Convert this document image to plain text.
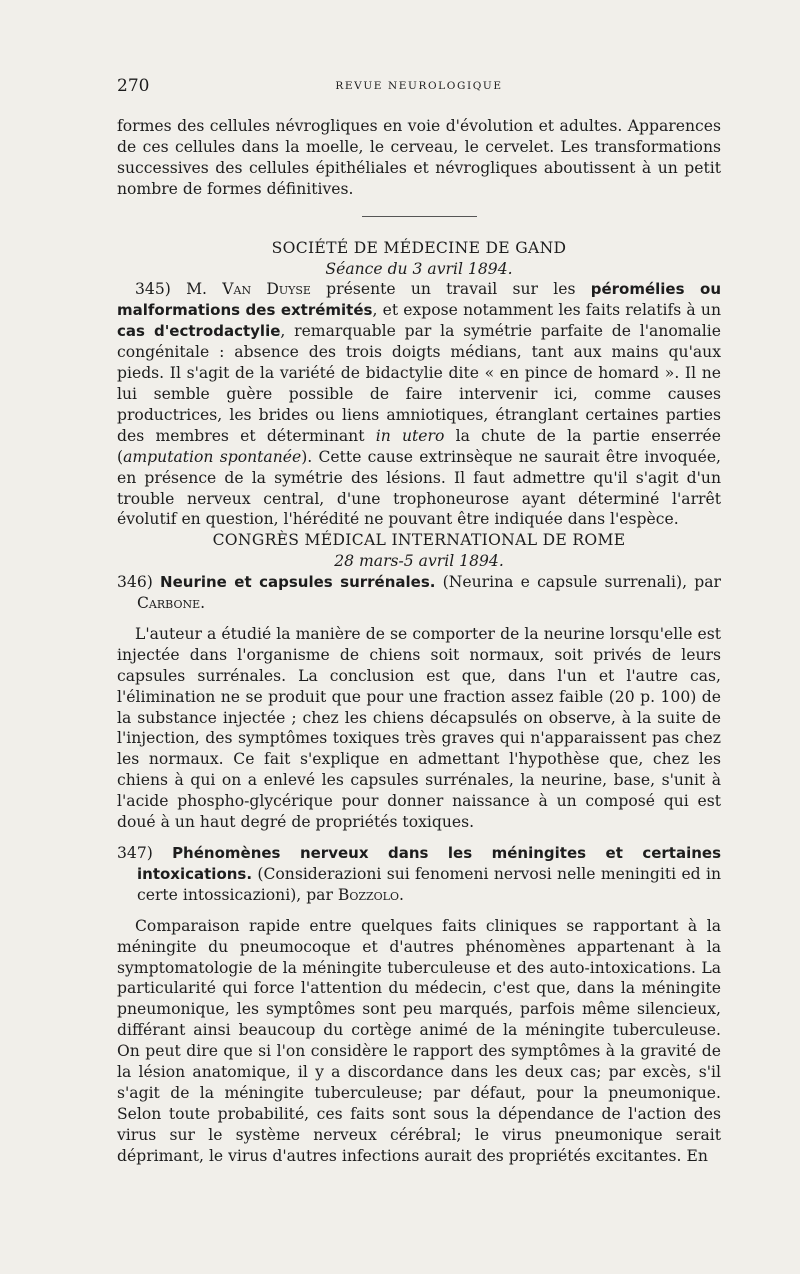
270	REVUE NEUROLOGIQUE

formes des cellules névrogliques en voie d'évolution et adultes. Apparences de ces cellules dans la moelle, le cerveau, le cervelet. Les transformations successives des cellules épithéliales et névrogliques aboutissent à un petit nombre de formes définitives.

SOCIÉTÉ DE MÉDECINE DE GAND

Séance du 3 avril 1894.

345) M. Van Duyse présente un travail sur les péromélies ou malformations des extrémités, et expose notamment les faits relatifs à un cas d'ectrodactylie, remarquable par la symétrie parfaite de l'anomalie congénitale : absence des trois doigts médians, tant aux mains qu'aux pieds. Il s'agit de la variété de bidactylie dite « en pince de homard ». Il ne lui semble guère possible de faire intervenir ici, comme causes productrices, les brides ou liens amniotiques, étranglant certaines parties des membres et déterminant in utero la chute de la partie enserrée (amputation spontanée). Cette cause extrinsèque ne saurait être invoquée, en présence de la symétrie des lésions. Il faut admettre qu'il s'agit d'un trouble nerveux central, d'une trophoneurose ayant déterminé l'arrêt évolutif en question, l'hérédité ne pouvant être indiquée dans l'espèce.

CONGRÈS MÉDICAL INTERNATIONAL DE ROME

28 mars-5 avril 1894.

346) Neurine et capsules surrénales. (Neurina e capsule surrenali), par Carbone.

L'auteur a étudié la manière de se comporter de la neurine lorsqu'elle est injectée dans l'organisme de chiens soit normaux, soit privés de leurs capsules surrénales. La conclusion est que, dans l'un et l'autre cas, l'élimination ne se produit que pour une fraction assez faible (20 p. 100) de la substance injectée ; chez les chiens décapsulés on observe, à la suite de l'injection, des symptômes toxiques très graves qui n'apparaissent pas chez les normaux. Ce fait s'explique en admettant l'hypothèse que, chez les chiens à qui on a enlevé les capsules surrénales, la neurine, base, s'unit à l'acide phospho-glycérique pour donner naissance à un composé qui est doué à un haut degré de propriétés toxiques.

347) Phénomènes nerveux dans les méningites et certaines intoxications. (Considerazioni sui fenomeni nervosi nelle meningiti ed in certe intossicazioni), par Bozzolo.

Comparaison rapide entre quelques faits cliniques se rapportant à la méningite du pneumocoque et d'autres phénomènes appartenant à la symptomatologie de la méningite tuberculeuse et des auto-intoxications. La particularité qui force l'attention du médecin, c'est que, dans la méningite pneumonique, les symptômes sont peu marqués, parfois même silencieux, différant ainsi beaucoup du cortège animé de la méningite tuberculeuse. On peut dire que si l'on considère le rapport des symptômes à la gravité de la lésion anatomique, il y a discordance dans les deux cas; par excès, s'il s'agit de la méningite tuberculeuse; par défaut, pour la pneumonique. Selon toute probabilité, ces faits sont sous la dépendance de l'action des virus sur le système nerveux cérébral; le virus pneumonique serait déprimant, le virus d'autres infections aurait des propriétés excitantes. En
